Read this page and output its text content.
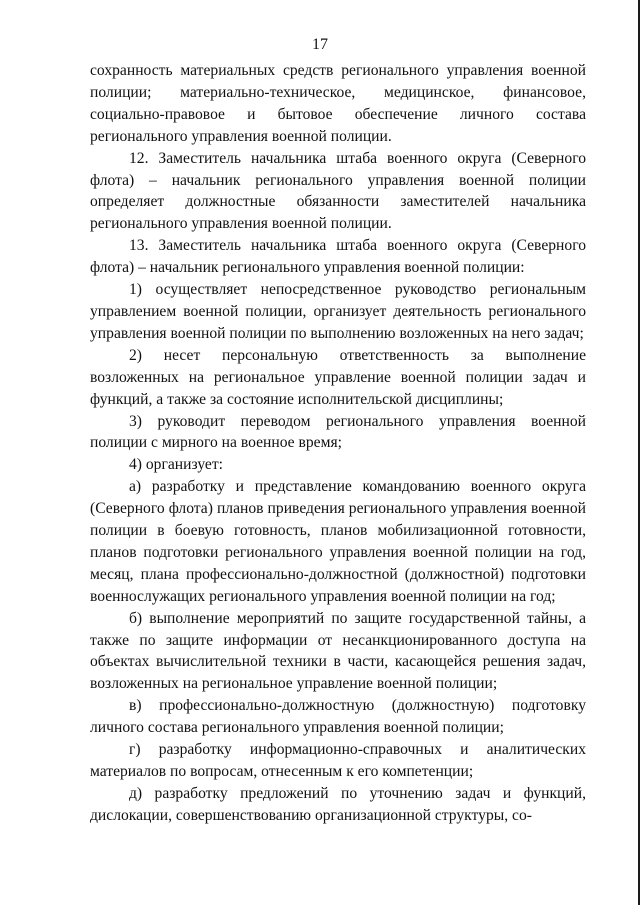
17

сохранность материальных средств регионального управления военной полиции; материально-техническое, медицинское, финансовое, социально-правовое и бытовое обеспечение личного состава регионального управления военной полиции.

12. Заместитель начальника штаба военного округа (Северного флота) – начальник регионального управления военной полиции определяет должностные обязанности заместителей начальника регионального управления военной полиции.

13. Заместитель начальника штаба военного округа (Северного флота) – начальник регионального управления военной полиции:

1) осуществляет непосредственное руководство региональным управлением военной полиции, организует деятельность регионального управления военной полиции по выполнению возложенных на него задач;

2) несет персональную ответственность за выполнение возложенных на региональное управление военной полиции задач и функций, а также за состояние исполнительской дисциплины;

3) руководит переводом регионального управления военной полиции с мирного на военное время;

4) организует:

а) разработку и представление командованию военного округа (Северного флота) планов приведения регионального управления военной полиции в боевую готовность, планов мобилизационной готовности, планов подготовки регионального управления военной полиции на год, месяц, плана профессионально-должностной (должностной) подготовки военнослужащих регионального управления военной полиции на год;

б) выполнение мероприятий по защите государственной тайны, а также по защите информации от несанкционированного доступа на объектах вычислительной техники в части, касающейся решения задач, возложенных на региональное управление военной полиции;

в) профессионально-должностную (должностную) подготовку личного состава регионального управления военной полиции;

г) разработку информационно-справочных и аналитических материалов по вопросам, отнесенным к его компетенции;

д) разработку предложений по уточнению задач и функций, дислокации, совершенствованию организационной структуры, со-
